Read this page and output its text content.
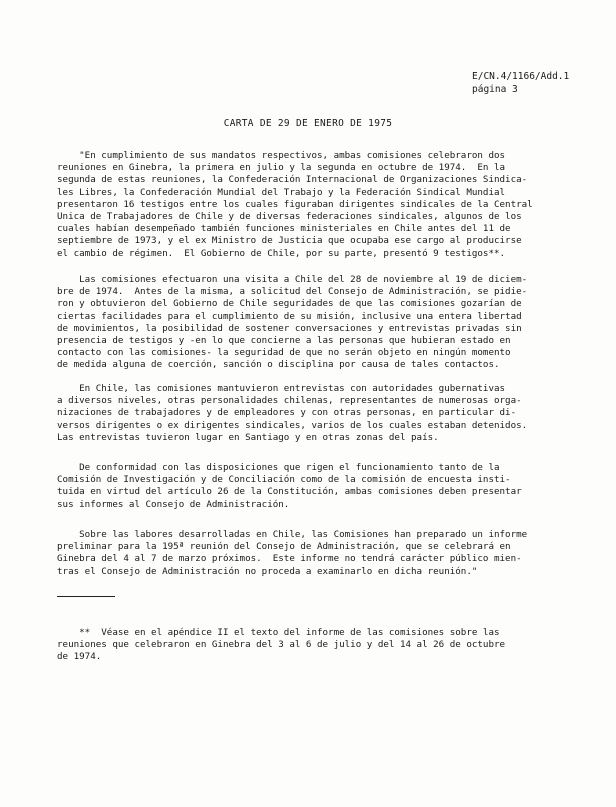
E/CN.4/1166/Add.1
página 3
CARTA DE 29 DE ENERO DE 1975
"En cumplimiento de sus mandatos respectivos, ambas comisiones celebraron dos
reuniones en Ginebra, la primera en julio y la segunda en octubre de 1974.  En la
segunda de estas reuniones, la Confederación Internacional de Organizaciones Sindica-
les Libres, la Confederación Mundial del Trabajo y la Federación Sindical Mundial
presentaron 16 testigos entre los cuales figuraban dirigentes sindicales de la Central
Unica de Trabajadores de Chile y de diversas federaciones sindicales, algunos de los
cuales habían desempeñado también funciones ministeriales en Chile antes del 11 de
septiembre de 1973, y el ex Ministro de Justicia que ocupaba ese cargo al producirse
el cambio de régimen.  El Gobierno de Chile, por su parte, presentó 9 testigos**.
Las comisiones efectuaron una visita a Chile del 28 de noviembre al 19 de diciem-
bre de 1974.  Antes de la misma, a solicitud del Consejo de Administración, se pidie-
ron y obtuvieron del Gobierno de Chile seguridades de que las comisiones gozarían de
ciertas facilidades para el cumplimiento de su misión, inclusive una entera libertad
de movimientos, la posibilidad de sostener conversaciones y entrevistas privadas sin
presencia de testigos y -en lo que concierne a las personas que hubieran estado en
contacto con las comisiones- la seguridad de que no serán objeto en ningún momento
de medida alguna de coerción, sanción o disciplina por causa de tales contactos.
En Chile, las comisiones mantuvieron entrevistas con autoridades gubernativas
a diversos niveles, otras personalidades chilenas, representantes de numerosas orga-
nizaciones de trabajadores y de empleadores y con otras personas, en particular di-
versos dirigentes o ex dirigentes sindicales, varios de los cuales estaban detenidos.
Las entrevistas tuvieron lugar en Santiago y en otras zonas del país.
De conformidad con las disposiciones que rigen el funcionamiento tanto de la
Comisión de Investigación y de Conciliación como de la comisión de encuesta insti-
tuida en virtud del artículo 26 de la Constitución, ambas comisiones deben presentar
sus informes al Consejo de Administración.
Sobre las labores desarrolladas en Chile, las Comisiones han preparado un informe
preliminar para la 195ª reunión del Consejo de Administración, que se celebrará en
Ginebra del 4 al 7 de marzo próximos.  Este informe no tendrá carácter público mien-
tras el Consejo de Administración no proceda a examinarlo en dicha reunión."
**  Véase en el apéndice II el texto del informe de las comisiones sobre las
reuniones que celebraron en Ginebra del 3 al 6 de julio y del 14 al 26 de octubre
de 1974.
